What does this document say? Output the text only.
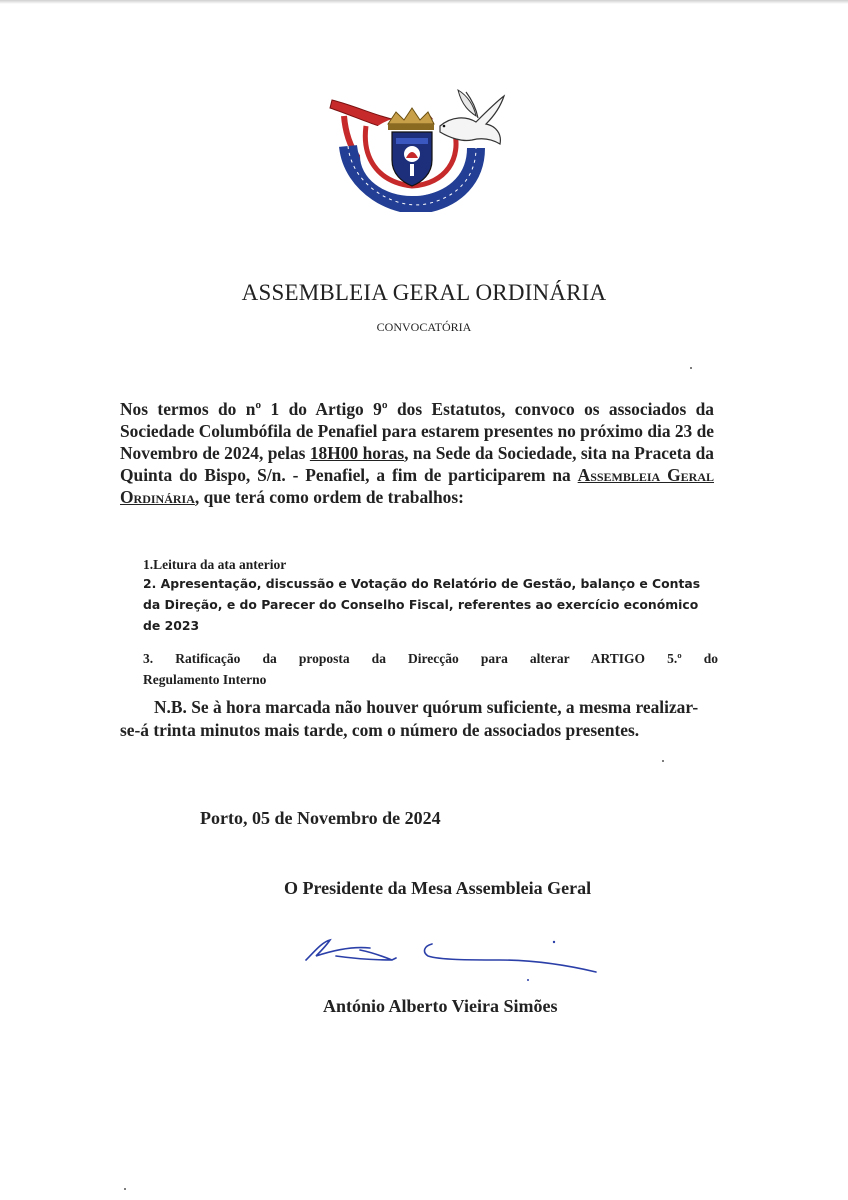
ASSEMBLEIA GERAL ORDINÁRIA
CONVOCATÓRIA
Nos termos do nº 1 do Artigo 9º dos Estatutos, convoco os associados da Sociedade Columbófila de Penafiel para estarem presentes no próximo dia 23 de Novembro de 2024, pelas 18H00 horas, na Sede da Sociedade, sita na Praceta da Quinta do Bispo, S/n. - Penafiel, a fim de participarem na Assembleia Geral Ordinária, que terá como ordem de trabalhos:
1.Leitura da ata anterior
2. Apresentação, discussão e Votação do Relatório de Gestão, balanço e Contas da Direção, e do Parecer do Conselho Fiscal, referentes ao exercício económico de 2023
3. Ratificação da proposta da Direcção para alterar ARTIGO 5.º do
Regulamento Interno
N.B. Se à hora marcada não houver quórum suficiente, a mesma realizar-se-á trinta minutos mais tarde, com o número de associados presentes.
Porto, 05 de Novembro de 2024
O Presidente da Mesa Assembleia Geral
António Alberto Vieira Simões
